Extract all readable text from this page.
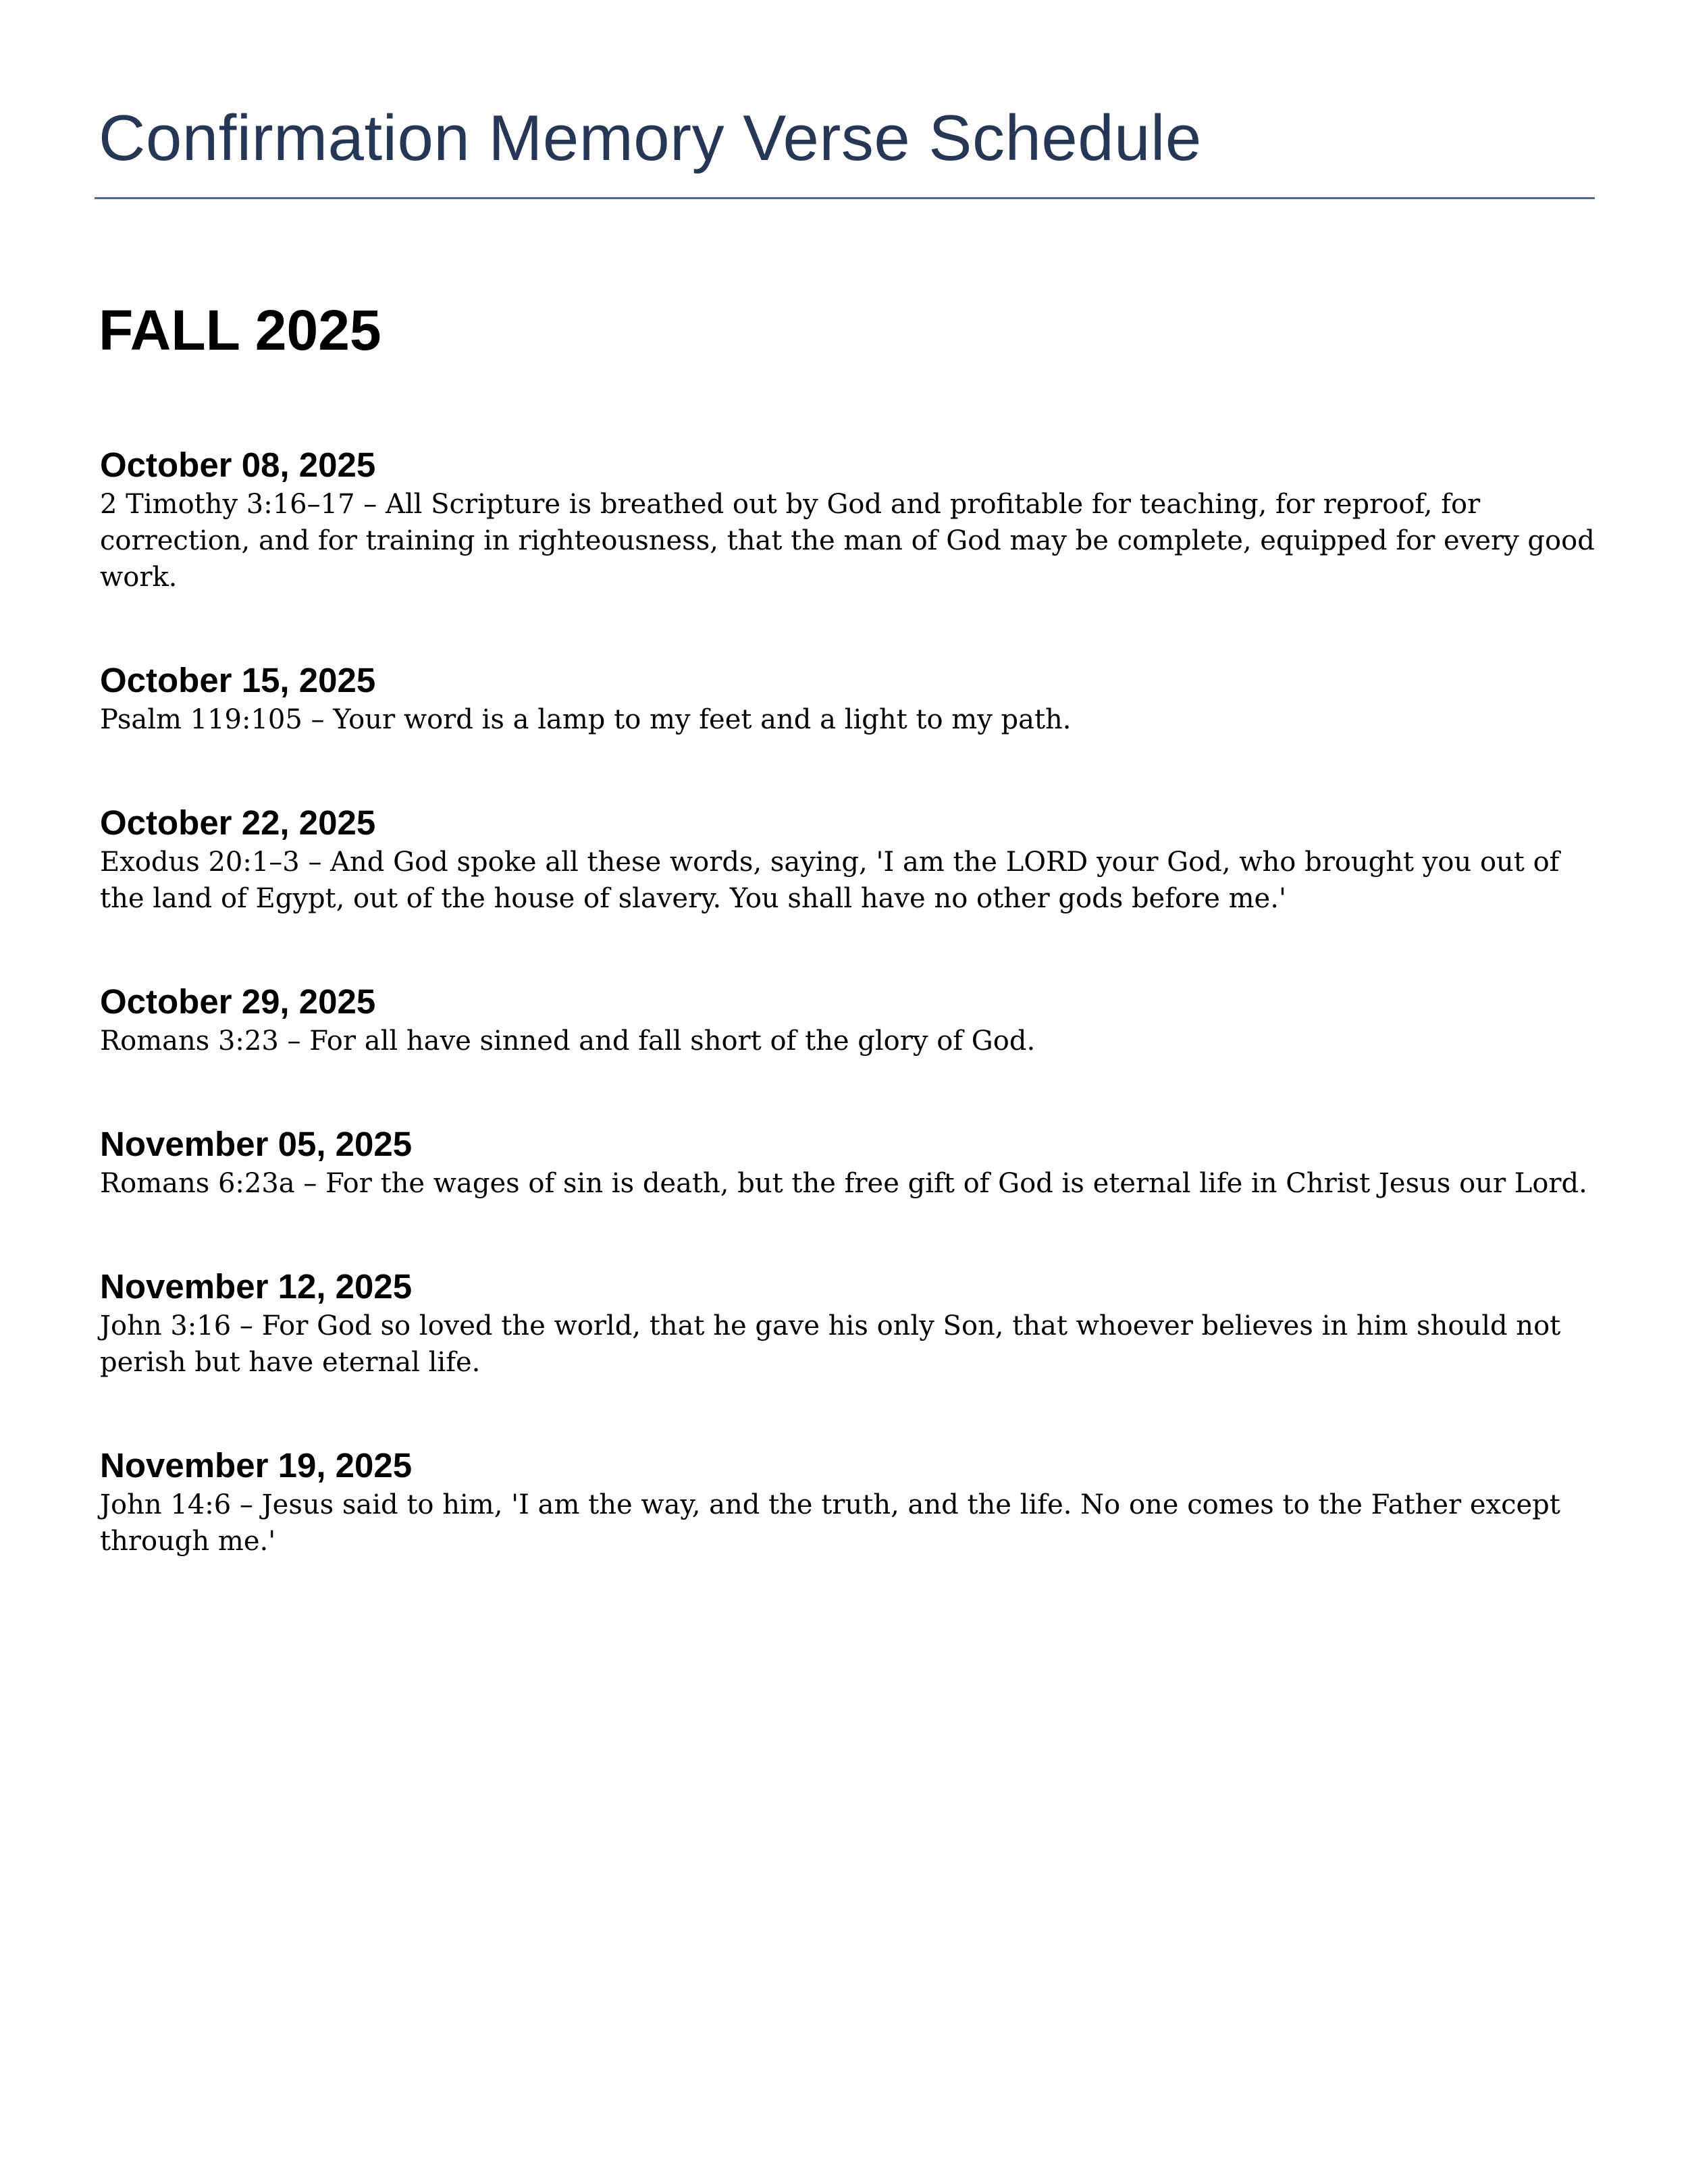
Confirmation Memory Verse Schedule
FALL 2025
October 08, 2025
2 Timothy 3:16–17 – All Scripture is breathed out by God and profitable for teaching, for reproof, for correction, and for training in righteousness, that the man of God may be complete, equipped for every good work.
October 15, 2025
Psalm 119:105 – Your word is a lamp to my feet and a light to my path.
October 22, 2025
Exodus 20:1–3 – And God spoke all these words, saying, 'I am the LORD your God, who brought you out of the land of Egypt, out of the house of slavery. You shall have no other gods before me.'
October 29, 2025
Romans 3:23 – For all have sinned and fall short of the glory of God.
November 05, 2025
Romans 6:23a – For the wages of sin is death, but the free gift of God is eternal life in Christ Jesus our Lord.
November 12, 2025
John 3:16 – For God so loved the world, that he gave his only Son, that whoever believes in him should not perish but have eternal life.
November 19, 2025
John 14:6 – Jesus said to him, 'I am the way, and the truth, and the life. No one comes to the Father except through me.'
